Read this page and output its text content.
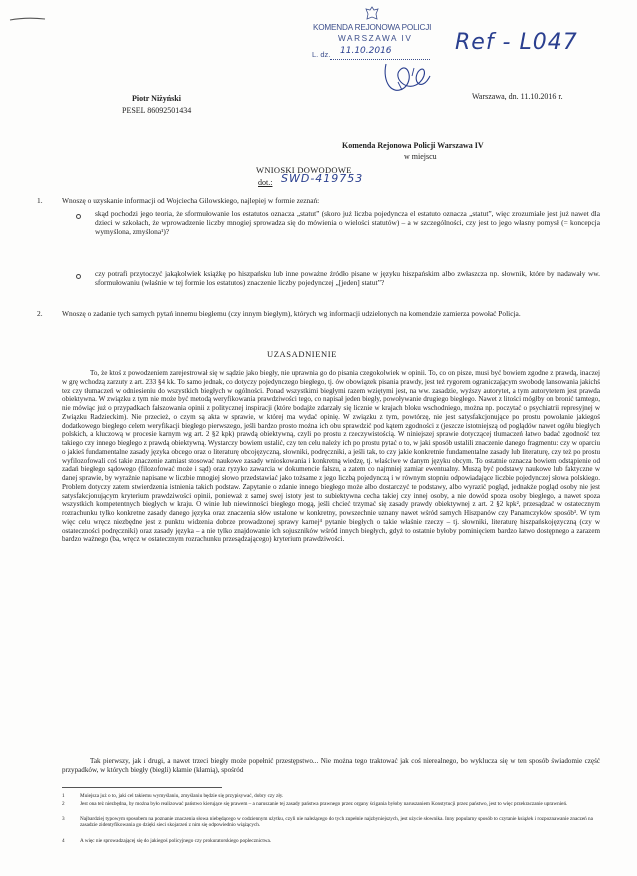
KOMENDA REJONOWA POLICJI
WARSZAWA IV
L. dz. 11.10.2016	Ref - L047
Warszawa, dn. 11.10.2016 r.
Piotr Niżyński
PESEL 86092501434
Komenda Rejonowa Policji Warszawa IV
w miejscu
WNIOSKI DOWODOWE
dot.: SWD-419753
1.	Wnoszę o uzyskanie informacji od Wojciecha Gilowskiego, najlepiej w formie zeznań:
skąd pochodzi jego teoria, że sformułowanie los estatutos oznacza „statut” (skoro już liczba pojedyncza el estatuto oznacza „statut”, więc zrozumiałe jest już nawet dla dzieci w szkołach, że wprowadzenie liczby mnogiej sprowadza się do mówienia o wielości statutów) – a w szczególności, czy jest to jego własny pomysł (= koncepcja wymyślona, zmyślona¹)?
czy potrafi przytoczyć jakąkolwiek książkę po hiszpańsku lub inne poważne źródło pisane w języku hiszpańskim albo zwłaszcza np. słownik, które by nadawały ww. sformułowaniu (właśnie w tej formie los estatutos) znaczenie liczby pojedynczej „[jeden] statut”?
2.	Wnoszę o zadanie tych samych pytań innemu biegłemu (czy innym biegłym), których wg informacji udzielonych na komendzie zamierza powołać Policja.
UZASADNIENIE
To, że ktoś z powodzeniem zarejestrował się w sądzie jako biegły, nie uprawnia go do pisania czegokolwiek w opinii. To, co on pisze, musi być bowiem zgodne z prawdą, inaczej w grę wchodzą zarzuty z art. 233 §4 kk. To samo jednak, co dotyczy pojedynczego biegłego, tj. ów obowiązek pisania prawdy, jest też rygorem ograniczającym swobodę lansowania jakichś tez czy tłumaczeń w odniesieniu do wszystkich biegłych w ogólności. Ponad wszystkimi biegłymi razem wziętymi jest, na ww. zasadzie, wyższy autorytet, a tym autorytetem jest prawda obiektywna. W związku z tym nie może być metodą weryfikowania prawdziwości tego, co napisał jeden biegły, powoływanie drugiego biegłego. Nawet z litości mógłby on bronić tamtego, nie mówiąc już o przypadkach fałszowania opinii z politycznej inspiracji (które bodajże zdarzały się licznie w krajach bloku wschodniego, można np. poczytać o psychiatrii represyjnej w Związku Radzieckim). Nie przecież, o czym są akta w sprawie, w której ma wydać opinię. W związku z tym, powtórzę, nie jest satysfakcjonujące po prostu powołanie jakiegoś dodatkowego biegłego celem weryfikacji biegłego pierwszego, jeśli bardzo prosto można ich obu sprawdzić pod kątem zgodności z (jeszcze istotniejszą od poglądów nawet ogółu biegłych polskich, a kluczową w procesie karnym wg art. 2 §2 kpk) prawdą obiektywną, czyli po prostu z rzeczywistością. W niniejszej sprawie dotyczącej tłumaczeń łatwo badać zgodność tez takiego czy innego biegłego z prawdą obiektywną. Wystarczy bowiem ustalić, czy ten celu należy ich po prostu pytać o to, w jaki sposób ustalili znaczenie danego fragmentu: czy w oparciu o jakieś fundamentalne zasady języka obcego oraz o literaturę obcojęzyczną, słowniki, podręczniki, a jeśli tak, to czy jakie konkretnie fundamentalne zasady lub literaturę, czy też po prostu wyfilozofowali coś takie znaczenie zamiast stosować naukowe zasady wnioskowania i konkretną wiedzę, tj. właściwe w danym języku obcym. To ostatnie oznacza bowiem odstąpienie od zadań biegłego sądowego (filozofować może i sąd) oraz ryzyko zawarcia w dokumencie fałszu, a zatem co najmniej zamiar ewentualny. Muszą być podstawy naukowe lub faktyczne w danej sprawie, by wyraźnie napisane w liczbie mnogiej słowo przedstawiać jako tożsame z jego liczbą pojedynczą i w równym stopniu odpowiadające liczbie pojedynczej słowa polskiego. Problem dotyczy zatem stwierdzenia istnienia takich podstaw. Zapytanie o zdanie innego biegłego może albo dostarczyć te podstawy, albo wyrazić pogląd, jednakże pogląd osoby nie jest satysfakcjonującym kryterium prawdziwości opinii, ponieważ z samej swej istoty jest to subiektywna cecha takiej czy innej osoby, a nie dowód spoza osoby biegłego, a nawet spoza wszystkich kompetentnych biegłych w kraju. O winie lub niewinności biegłego mogą, jeśli chcieć trzymać się zasady prawdy obiektywnej z art. 2 §2 kpk², przesądzać w ostatecznym rozrachunku tylko konkretne zasady danego języka oraz znaczenia słów ustalone w konkretny, powszechnie uznany nawet wśród samych Hiszpanów czy Panamczyków sposób³. W tym więc celu wręcz niezbędne jest z punktu widzenia dobrze prowadzonej sprawy karnej⁴ pytanie biegłych o takie właśnie rzeczy – tj. słowniki, literaturę hiszpańskojęzyczną (czy w ostateczności podręczniki) oraz zasady języka – a nie tylko znajdowanie ich sojuszników wśród innych biegłych, gdyż to ostatnie byłoby pominięciem bardzo łatwo dostępnego a zarazem bardzo ważnego (ba, wręcz w ostatecznym rozrachunku przesądzającego) kryterium prawdziwości.
Tak pierwszy, jak i drugi, a nawet trzeci biegły może popełnić przestępstwo... Nie można tego traktować jak coś nierealnego, bo wyklucza się w ten sposób świadomie część przypadków, w których biegły (biegli) kłamie (kłamią), spośród
1	Muiejsza już o to, jaki cel takiemu wymyślaniu, zmyślaniu będzie się przypisywać, dobry czy zły.
2	Jest ona też niezbędna, by można było realizować państwo kierujące się prawem – a naruszanie tej zasady państwa prawnego przez organy ścigania byłoby naruszaniem Konstytucji przez państwo, jest to więc przekraczanie uprawnień.
3	Najbardziej typowym sposobem na poznanie znaczenia słowa niebędącego w codziennym użytku, czyli nie należącego do tych zupełnie najzbyniejszych, jest użycie słownika. Inny popularny sposób to czytanie książek i rozpoznawanie znaczeń na zasadzie zidentyfikowania go dzięki sieci skojarzeń z nim się odpowiednio wiążących.
4	A więc nie sprowadzającej się do jakiegoś policyjnego czy prokuratorskiego poplecznictwa.
